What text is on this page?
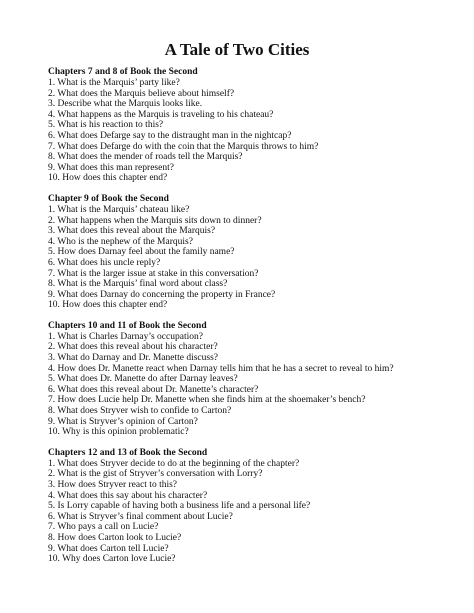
A Tale of Two Cities
Chapters 7 and 8 of Book the Second
1. What is the Marquis’ party like?
2. What does the Marquis believe about himself?
3. Describe what the Marquis looks like.
4. What happens as the Marquis is traveling to his chateau?
5. What is his reaction to this?
6. What does Defarge say to the distraught man in the nightcap?
7. What does Defarge do with the coin that the Marquis throws to him?
8. What does the mender of roads tell the Marquis?
9. What does this man represent?
10. How does this chapter end?
Chapter 9 of Book the Second
1. What is the Marquis’ chateau like?
2. What happens when the Marquis sits down to dinner?
3. What does this reveal about the Marquis?
4. Who is the nephew of the Marquis?
5. How does Darnay feel about the family name?
6. What does his uncle reply?
7. What is the larger issue at stake in this conversation?
8. What is the Marquis’ final word about class?
9. What does Darnay do concerning the property in France?
10. How does this chapter end?
Chapters 10 and 11 of Book the Second
1. What is Charles Darnay’s occupation?
2. What does this reveal about his character?
3. What do Darnay and Dr. Manette discuss?
4. How does Dr. Manette react when Darnay tells him that he has a secret to reveal to him?
5. What does Dr. Manette do after Darnay leaves?
6. What does this reveal about Dr. Manette’s character?
7. How does Lucie help Dr. Manette when she finds him at the shoemaker’s bench?
8. What does Stryver wish to confide to Carton?
9. What is Stryver’s opinion of Carton?
10. Why is this opinion problematic?
Chapters 12 and 13 of Book the Second
1. What does Stryver decide to do at the beginning of the chapter?
2. What is the gist of Stryver’s conversation with Lorry?
3. How does Stryver react to this?
4. What does this say about his character?
5. Is Lorry capable of having both a business life and a personal life?
6. What is Stryver’s final comment about Lucie?
7. Who pays a call on Lucie?
8. How does Carton look to Lucie?
9. What does Carton tell Lucie?
10. Why does Carton love Lucie?
